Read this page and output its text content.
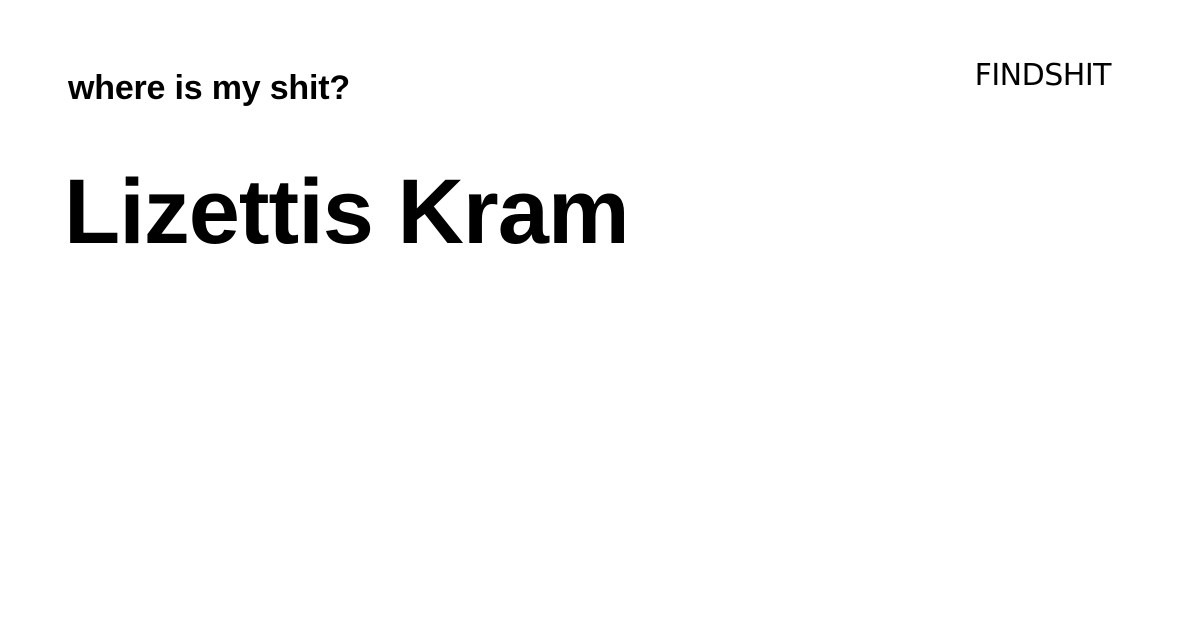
where is my shit?	FINDSHIT
Lizettis Kram
